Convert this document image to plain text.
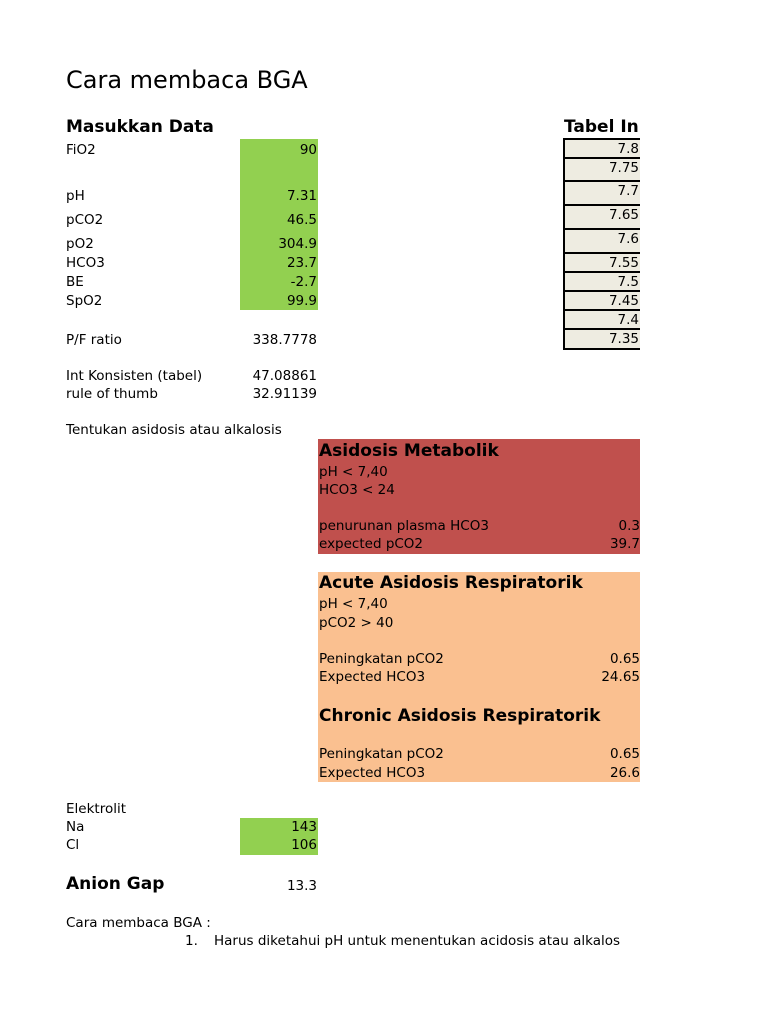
Cara membaca BGA
Masukkan Data
FiO2	90
pH	7.31
pCO2	46.5
pO2	304.9
HCO3	23.7
BE	-2.7
SpO2	99.9
P/F ratio	338.7778
Int Konsisten (tabel)	47.08861
rule of thumb	32.91139
Tabel In
7.8
7.75
7.7
7.65
7.6
7.55
7.5
7.45
7.4
7.35
Tentukan asidosis atau alkalosis
Asidosis Metabolik
pH < 7,40
HCO3 < 24
penurunan plasma HCO3	0.3
expected pCO2	39.7
Acute Asidosis Respiratorik
pH < 7,40
pCO2 > 40
Peningkatan pCO2	0.65
Expected HCO3	24.65
Chronic Asidosis Respiratorik
Peningkatan pCO2	0.65
Expected HCO3	26.6
Elektrolit
Na	143
Cl	106
Anion Gap	13.3
Cara membaca BGA :
1. Harus diketahui pH untuk menentukan acidosis atau alkalos
